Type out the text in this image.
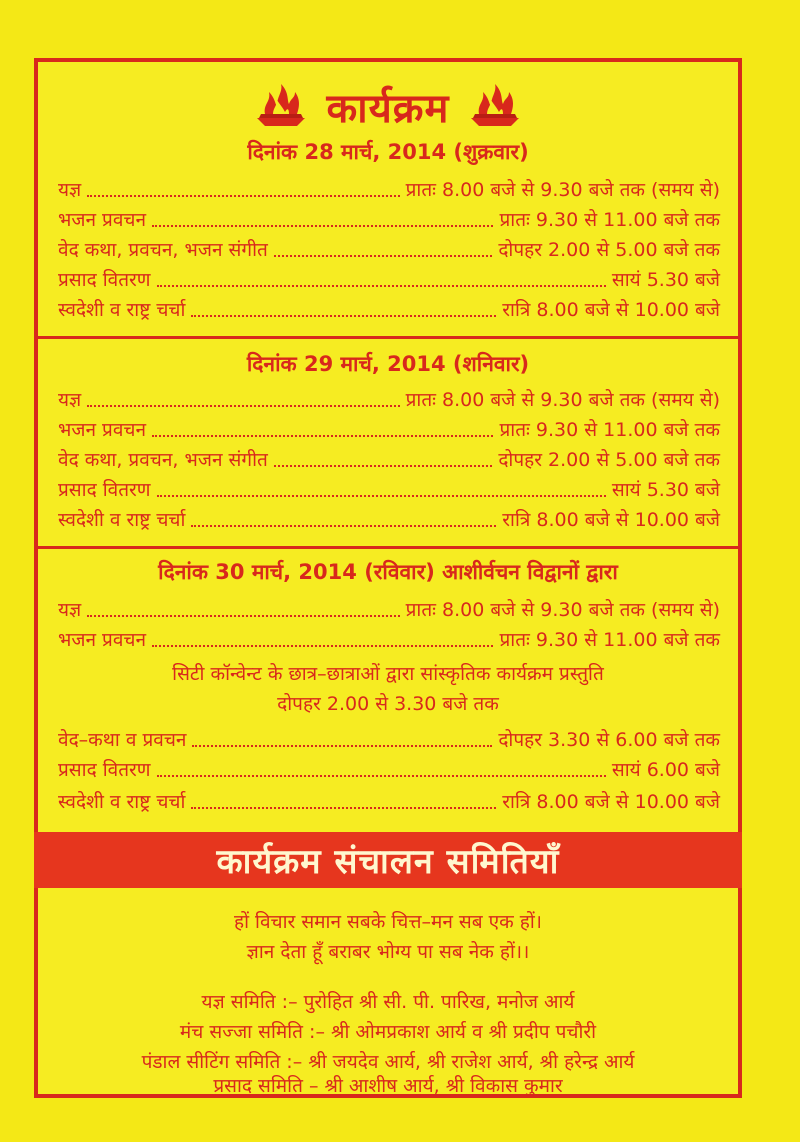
कार्यक्रम
दिनांक 28 मार्च, 2014 (शुक्रवार)
यज्ञ	प्रातः 8.00 बजे से 9.30 बजे तक (समय से)
भजन प्रवचन	प्रातः 9.30 से 11.00 बजे तक
वेद कथा, प्रवचन, भजन संगीत	दोपहर 2.00 से 5.00 बजे तक
प्रसाद वितरण	सायं 5.30 बजे
स्वदेशी व राष्ट्र चर्चा	रात्रि 8.00 बजे से 10.00 बजे
दिनांक 29 मार्च, 2014 (शनिवार)
यज्ञ	प्रातः 8.00 बजे से 9.30 बजे तक (समय से)
भजन प्रवचन	प्रातः 9.30 से 11.00 बजे तक
वेद कथा, प्रवचन, भजन संगीत	दोपहर 2.00 से 5.00 बजे तक
प्रसाद वितरण	सायं 5.30 बजे
स्वदेशी व राष्ट्र चर्चा	रात्रि 8.00 बजे से 10.00 बजे
दिनांक 30 मार्च, 2014 (रविवार) आशीर्वचन विद्वानों द्वारा
यज्ञ	प्रातः 8.00 बजे से 9.30 बजे तक (समय से)
भजन प्रवचन	प्रातः 9.30 से 11.00 बजे तक
सिटी कॉन्वेन्ट के छात्र–छात्राओं द्वारा सांस्कृतिक कार्यक्रम प्रस्तुति
दोपहर 2.00 से 3.30 बजे तक
वेद–कथा व प्रवचन	दोपहर 3.30 से 6.00 बजे तक
प्रसाद वितरण	सायं 6.00 बजे
स्वदेशी व राष्ट्र चर्चा	रात्रि 8.00 बजे से 10.00 बजे
कार्यक्रम संचालन समितियाँ
हों विचार समान सबके चित्त–मन सब एक हों।
ज्ञान देता हूँ बराबर भोग्य पा सब नेक हों।।
यज्ञ समिति :– पुरोहित श्री सी. पी. पारिख, मनोज आर्य
मंच सज्जा समिति :– श्री ओमप्रकाश आर्य व श्री प्रदीप पचौरी
पंडाल सीटिंग समिति :– श्री जयदेव आर्य, श्री राजेश आर्य, श्री हरेन्द्र आर्य
प्रसाद समिति – श्री आशीष आर्य, श्री विकास कुमार
